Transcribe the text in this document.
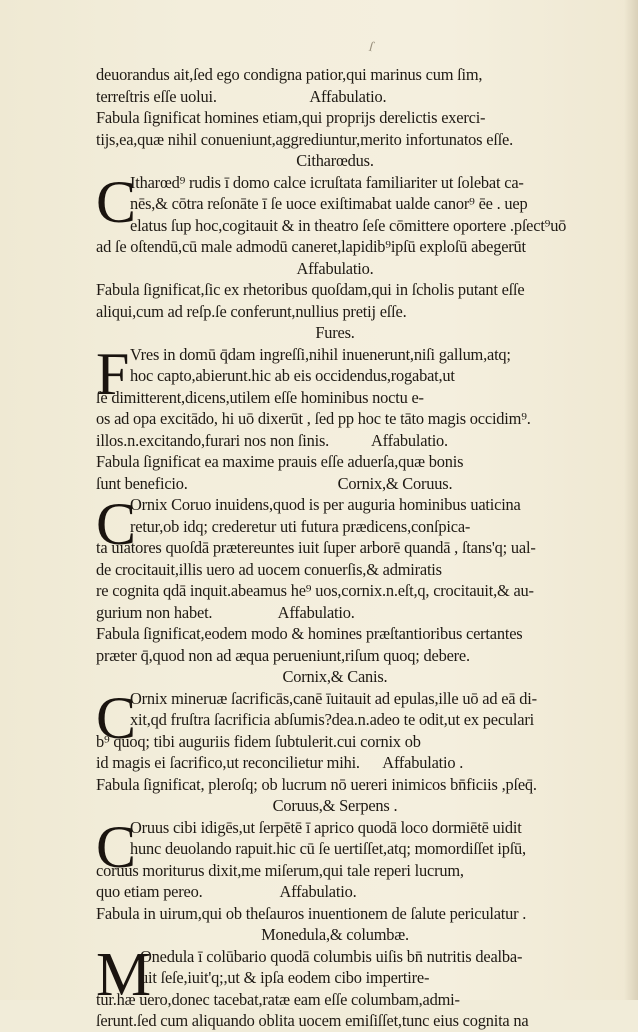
ſ
deuorandus ait,ſed ego condigna patior,qui marinus cum ſim,
terreſtris eſſe uolui.                        Affabulatio.
Fabula ſignificat homines etiam,qui proprijs derelictis exerci-
tijs,ea,quæ nihil conueniunt,aggrediuntur,merito infortunatos eſſe.
Citharœdus.
C
Itharœd⁹ rudis ī domo calce icruſtata familiariter ut ſolebat ca-
nēs,& cōtra reſonāte ī ſe uoce exiſtimabat ualde canor⁹ ēe . uep
elatus ſup hoc,cogitauit & in theatro ſeſe cōmittere oportere .pſect⁹uō
ad ſe oſtendū,cū male admodū caneret,lapidib⁹ipſū exploſū abegerūt
Affabulatio.
Fabula ſignificat,ſic ex rhetoribus quoſdam,qui in ſcholis putant eſſe
aliqui,cum ad reſp.ſe conferunt,nullius pretij eſſe.
Fures.
F Vres in domū q̄dam ingreſſi,nihil inuenerunt,niſi gallum,atq;
hoc capto,abierunt.hic ab eis occidendus,rogabat,ut
ſe dimitterent,dicens,utilem eſſe hominibus noctu e-
os ad opa excitādo, hi uō dixerūt , ſed pp hoc te tāto magis occidim⁹.
illos.n.excitando,furari nos non ſinis.           Affabulatio.
Fabula ſignificat ea maxime prauis eſſe aduerſa,quæ bonis
ſunt beneficio.	Cornix,& Coruus.
C
Ornix Coruo inuidens,quod is per auguria hominibus uaticina
retur,ob idq; crederetur uti futura prædicens,conſpica-
ta uiatores quoſdā prætereuntes iuit ſuper arborē quandā , ſtans'q; ual-
de crocitauit,illis uero ad uocem conuerſis,& admiratis
re cognita qdā inquit.abeamus he⁹ uos,cornix.n.eſt,q, crocitauit,& au-
gurium non habet.                 Affabulatio.
Fabula ſignificat,eodem modo & homines præſtantioribus certantes
præter q̄,quod non ad æqua perueniunt,riſum quoq; debere.
Cornix,& Canis.
C
Ornix mineruæ ſacrificās,canē īuitauit ad epulas,ille uō ad eā di-
xit,qd fruſtra ſacrificia abſumis?dea.n.adeo te odit,ut ex peculari
b⁹ quoq; tibi auguriis fidem ſubtulerit.cui cornix ob
id magis ei ſacrifico,ut reconcilietur mihi.      Affabulatio .
Fabula ſignificat, pleroſq; ob lucrum nō uereri inimicos bn̄ficiis ,pſeq̄.
Coruus,& Serpens .
C
Oruus cibi idigēs,ut ſerpētē ī aprico quodā loco dormiētē uidit
hunc deuolando rapuit.hic cū ſe uertiſſet,atq; momordiſſet ipſū,
coruus moriturus dixit,me miſerum,qui tale reperi lucrum,
quo etiam pereo.                    Affabulatio.
Fabula in uirum,qui ob theſauros inuentionem de ſalute periculatur .
Monedula,& columbæ.
M
Onedula ī colūbario quodā columbis uiſis bn̄ nutritis dealba-
uit ſeſe,iuit'q;,ut & ipſa eodem cibo impertire-
tur.hæ uero,donec tacebat,ratæ eam eſſe columbam,admi-
ſerunt.ſed cum aliquando oblita uocem emiſiſſet,tunc eius cognita na
